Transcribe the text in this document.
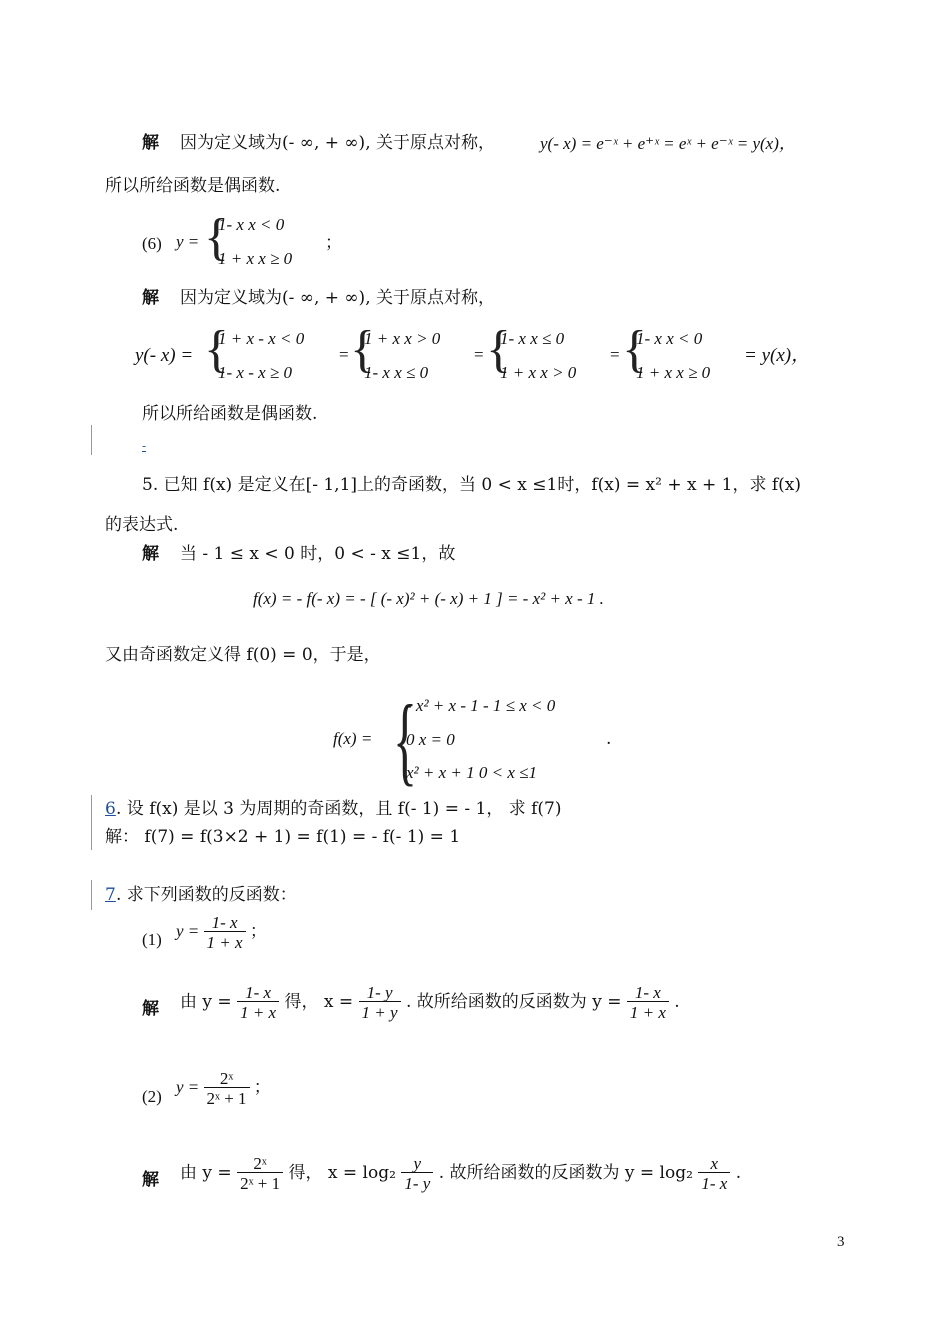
解 因为定义域为(- ∞, + ∞), 关于原点对称，	y(- x) = e⁻ˣ + e⁺ˣ = eˣ + e⁻ˣ = y(x)，
所以所给函数是偶函数.
(6) y = {
1- x x < 0
1 + x x ≥ 0
；
解 因为定义域为(- ∞, + ∞), 关于原点对称，
y(- x) = {
1 + x - x < 0
1- x - x ≥ 0
= {
1 + x x > 0
1- x x ≤ 0
= {
1- x x ≤ 0
1 + x x > 0
= {
1- x x < 0
1 + x x ≥ 0
= y(x)，
所以所给函数是偶函数.
-
5. 已知 f(x) 是定义在[- 1,1]上的奇函数，当 0 < x ≤1时，f(x) = x² + x + 1，求 f(x)
的表达式.
解 当 - 1 ≤ x < 0 时，0 < - x ≤1，故
f(x) = - f(- x) = - [ (- x)² + (- x) + 1 ] = - x² + x - 1 .
又由奇函数定义得 f(0) = 0，于是，
f(x) = {
- x² + x - 1 - 1 ≤ x < 0
0 x = 0
x² + x + 1 0 < x ≤1
.
6 . 设 f(x) 是以 3 为周期的奇函数，且 f(- 1) = - 1， 求 f(7)
解： f(7) = f(3×2 + 1) = f(1) = - f(- 1) = 1
7 . 求下列函数的反函数：
(1) $y = \frac{1- x}{1 + x}$ ；
解 由 $y = \frac{1- x}{1 + x}$ 得， $x = \frac{1- y}{1 + y}$ . 故所给函数的反函数为 $y = \frac{1- x}{1 + x}$ .
(2)
$y = \frac{\text{2ˣ}}{\text{2ˣ + 1}}$ ；
解 由 $y = \frac{\text{2ˣ}}{\text{2ˣ + 1}}$ 得， $x = \log_2 \frac{y}{1- y}$ . 故所给函数的反函数为 $y = \log_2 \frac{x}{1- x}$ .
3
